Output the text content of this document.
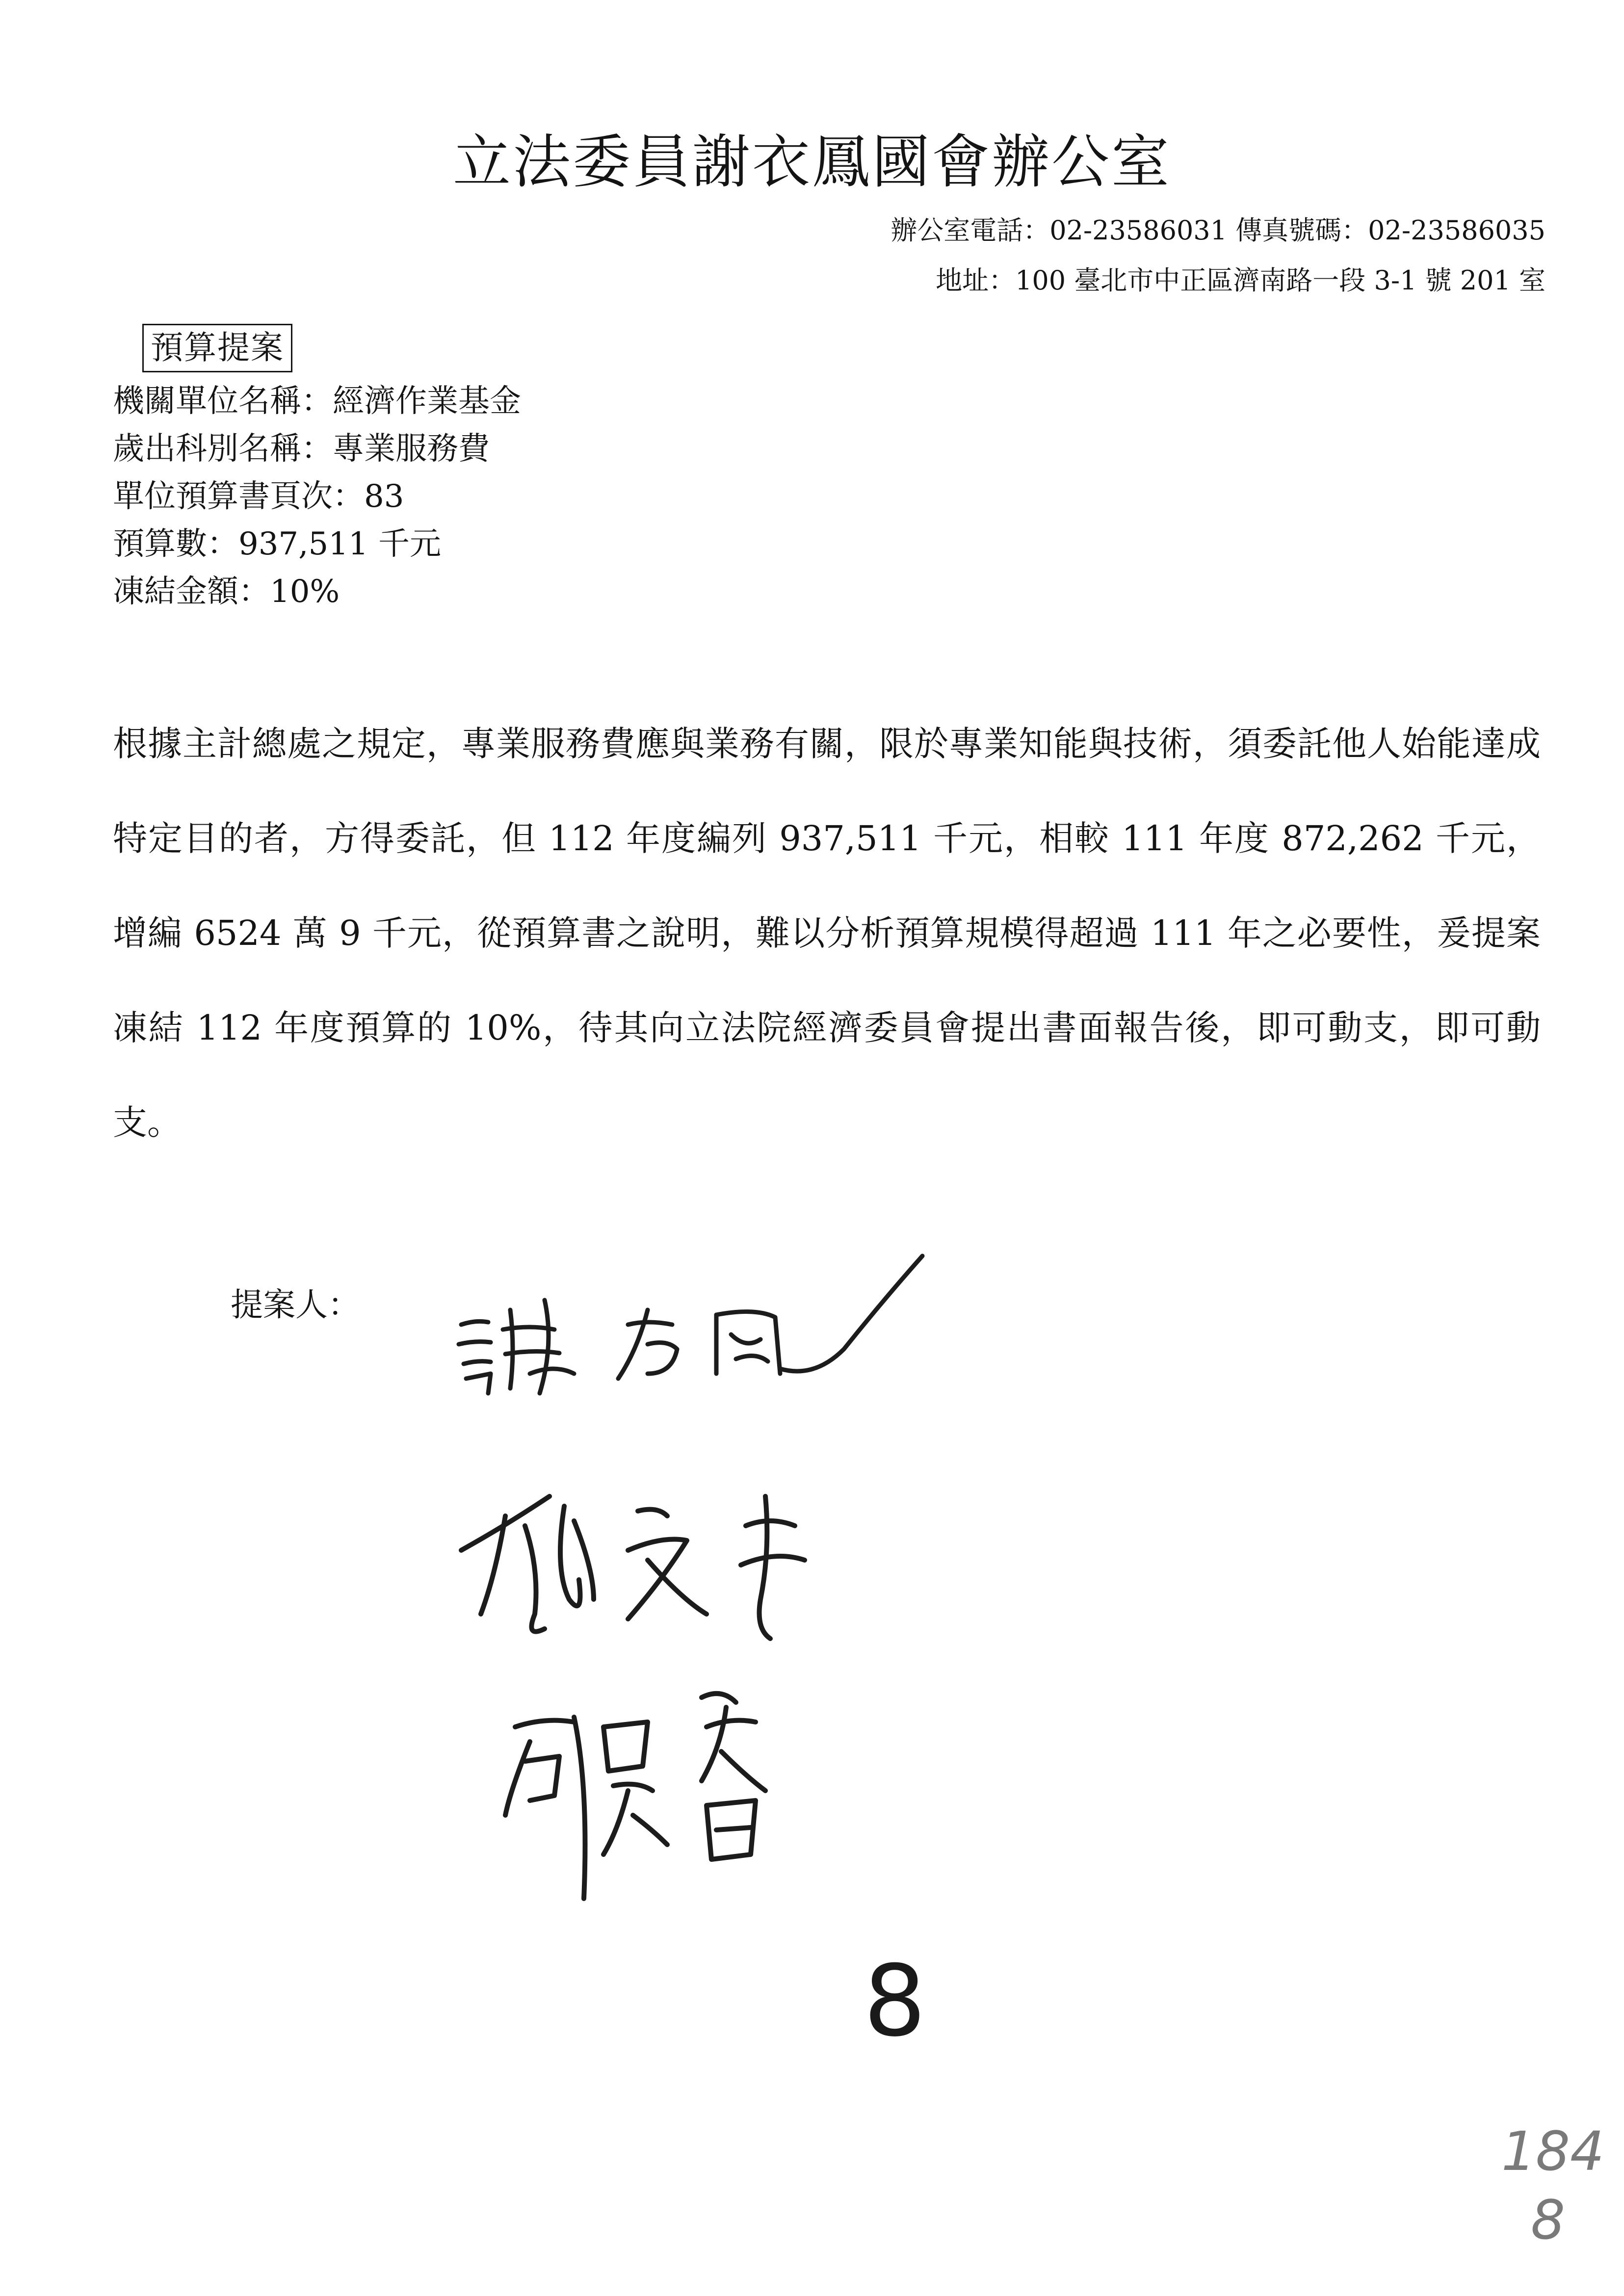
立法委員謝衣鳳國會辦公室
辦公室電話：02-23586031 傳真號碼：02-23586035
地址：100 臺北市中正區濟南路一段 3-1 號 201 室
預算提案
機關單位名稱：經濟作業基金
歲出科別名稱：專業服務費
單位預算書頁次：83
預算數：937,511 千元
凍結金額：10%

根據主計總處之規定，專業服務費應與業務有關，限於專業知能與技術，須委託他人始能達成特定目的者，方得委託，但 112 年度編列 937,511 千元，相較 111 年度 872,262 千元，增編 6524 萬 9 千元，從預算書之說明，難以分析預算規模得超過 111 年之必要性，爰提案凍結 112 年度預算的 10%，待其向立法院經濟委員會提出書面報告後，即可動支，即可動支。

提案人：
8
184
8
